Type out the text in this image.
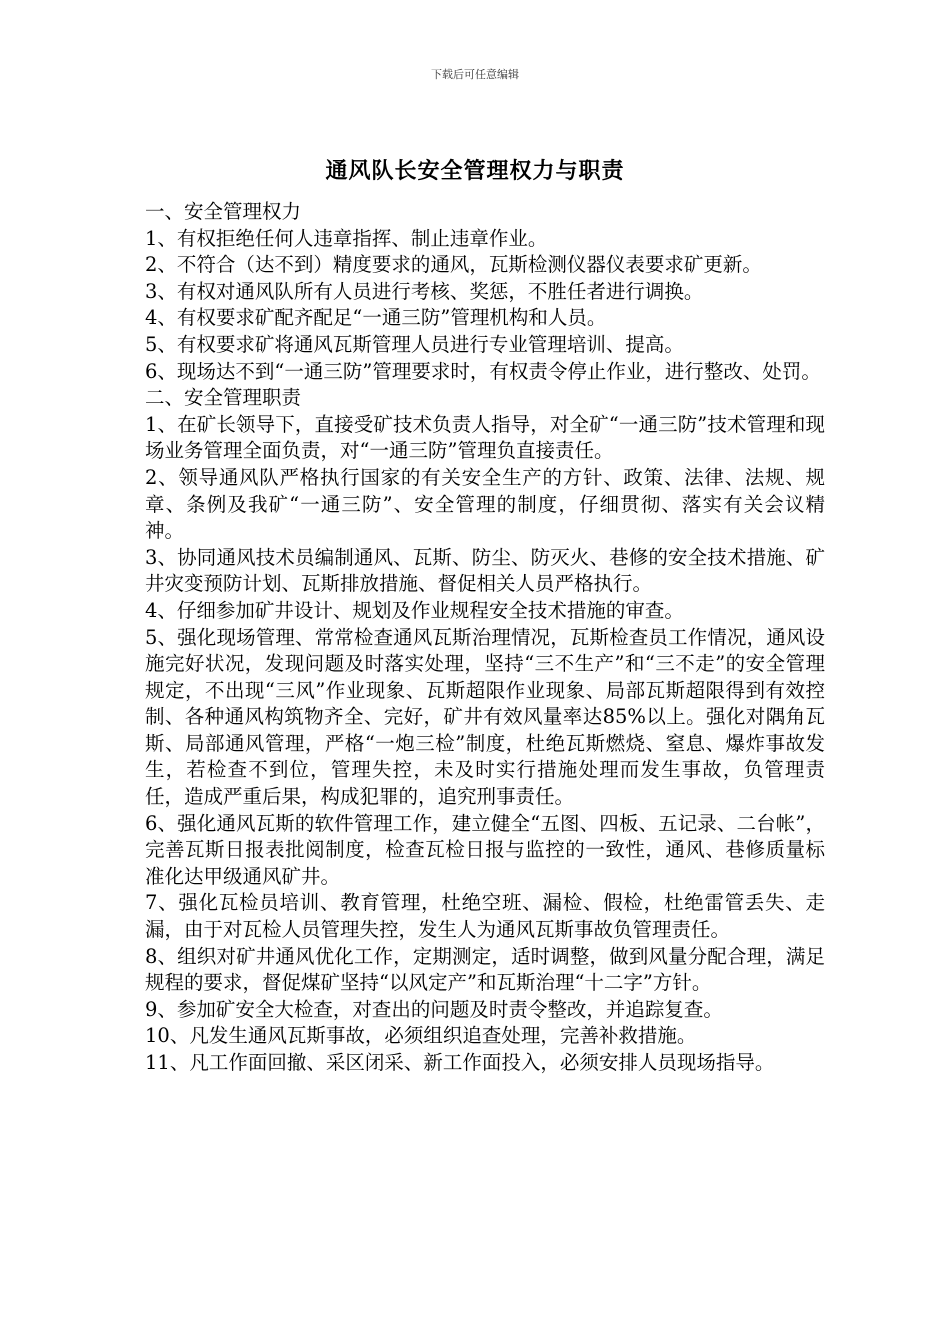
下载后可任意编辑
通风队长安全管理权力与职责

一、安全管理权力

1、有权拒绝任何人违章指挥、制止违章作业。

2、不符合（达不到）精度要求的通风，瓦斯检测仪器仪表要求矿更新。

3、有权对通风队所有人员进行考核、奖惩，不胜任者进行调换。

4、有权要求矿配齐配足“一通三防”管理机构和人员。

5、有权要求矿将通风瓦斯管理人员进行专业管理培训、提高。

6、现场达不到“一通三防”管理要求时，有权责令停止作业，进行整改、处罚。

二、安全管理职责

1、在矿长领导下，直接受矿技术负责人指导，对全矿“一通三防”技术管理和现场业务管理全面负责，对“一通三防”管理负直接责任。

2、领导通风队严格执行国家的有关安全生产的方针、政策、法律、法规、规章、条例及我矿“一通三防”、安全管理的制度，仔细贯彻、落实有关会议精神。

3、协同通风技术员编制通风、瓦斯、防尘、防灭火、巷修的安全技术措施、矿井灾变预防计划、瓦斯排放措施、督促相关人员严格执行。

4、仔细参加矿井设计、规划及作业规程安全技术措施的审查。

5、强化现场管理、常常检查通风瓦斯治理情况，瓦斯检查员工作情况，通风设施完好状况，发现问题及时落实处理，坚持“三不生产”和“三不走”的安全管理规定，不出现“三风”作业现象、瓦斯超限作业现象、局部瓦斯超限得到有效控制、各种通风构筑物齐全、完好，矿井有效风量率达85%以上。强化对隅角瓦斯、局部通风管理，严格“一炮三检”制度，杜绝瓦斯燃烧、窒息、爆炸事故发生，若检查不到位，管理失控，未及时实行措施处理而发生事故，负管理责任，造成严重后果，构成犯罪的，追究刑事责任。

6、强化通风瓦斯的软件管理工作，建立健全“五图、四板、五记录、二台帐”，完善瓦斯日报表批阅制度，检查瓦检日报与监控的一致性，通风、巷修质量标准化达甲级通风矿井。

7、强化瓦检员培训、教育管理，杜绝空班、漏检、假检，杜绝雷管丢失、走漏，由于对瓦检人员管理失控，发生人为通风瓦斯事故负管理责任。

8、组织对矿井通风优化工作，定期测定，适时调整，做到风量分配合理，满足规程的要求，督促煤矿坚持“以风定产”和瓦斯治理“十二字”方针。

9、参加矿安全大检查，对查出的问题及时责令整改，并追踪复查。

10、凡发生通风瓦斯事故，必须组织追查处理，完善补救措施。

11、凡工作面回撤、采区闭采、新工作面投入，必须安排人员现场指导。
